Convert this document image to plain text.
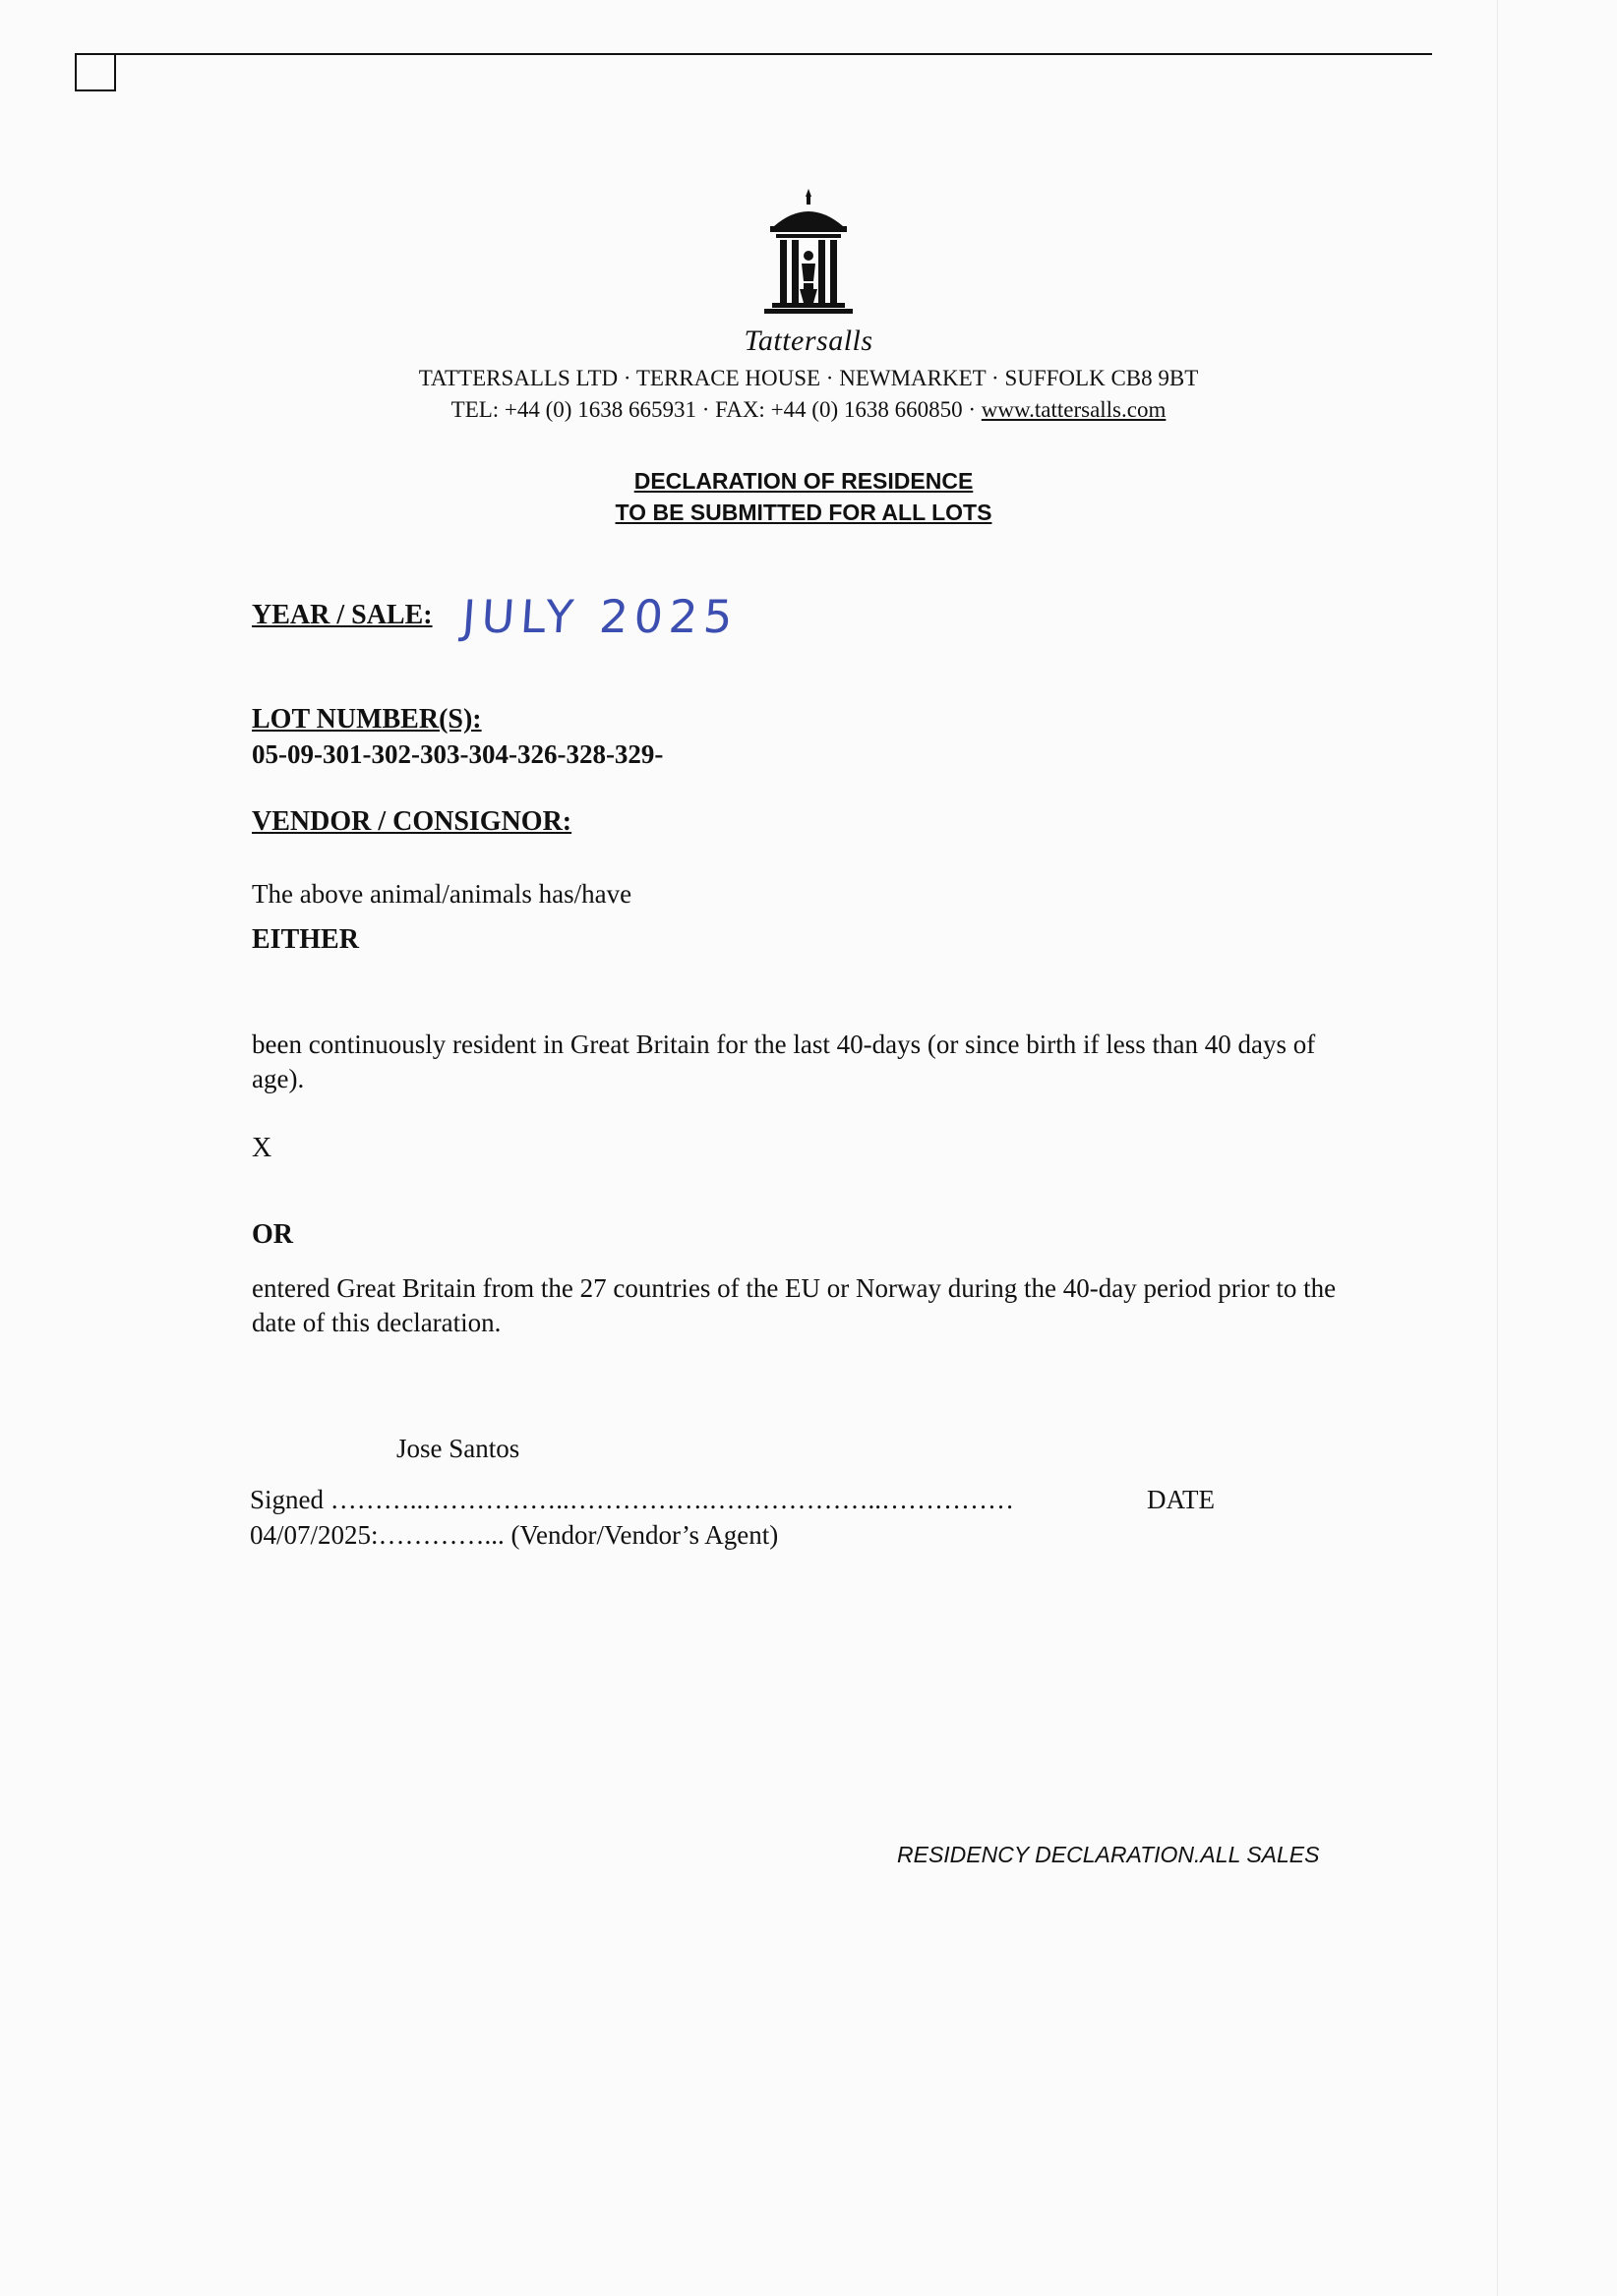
Tattersalls
TATTERSALLS LTD · TERRACE HOUSE · NEWMARKET · SUFFOLK CB8 9BT
TEL: +44 (0) 1638 665931 · FAX: +44 (0) 1638 660850 · www.tattersalls.com
DECLARATION OF RESIDENCE
TO BE SUBMITTED FOR ALL LOTS
YEAR / SALE: JULY 2025
LOT NUMBER(S):
05-09-301-302-303-304-326-328-329-
VENDOR / CONSIGNOR:
The above animal/animals has/have
EITHER
been continuously resident in Great Britain for the last 40-days (or since birth if less than 40 days of age).
X
OR
entered Great Britain from the 27 countries of the EU or Norway during the 40-day period prior to the date of this declaration.
Jose Santos
Signed ………..……………..…………….………………..……………	DATE
04/07/2025:…………... (Vendor/Vendor’s Agent)
RESIDENCY DECLARATION.ALL SALES
